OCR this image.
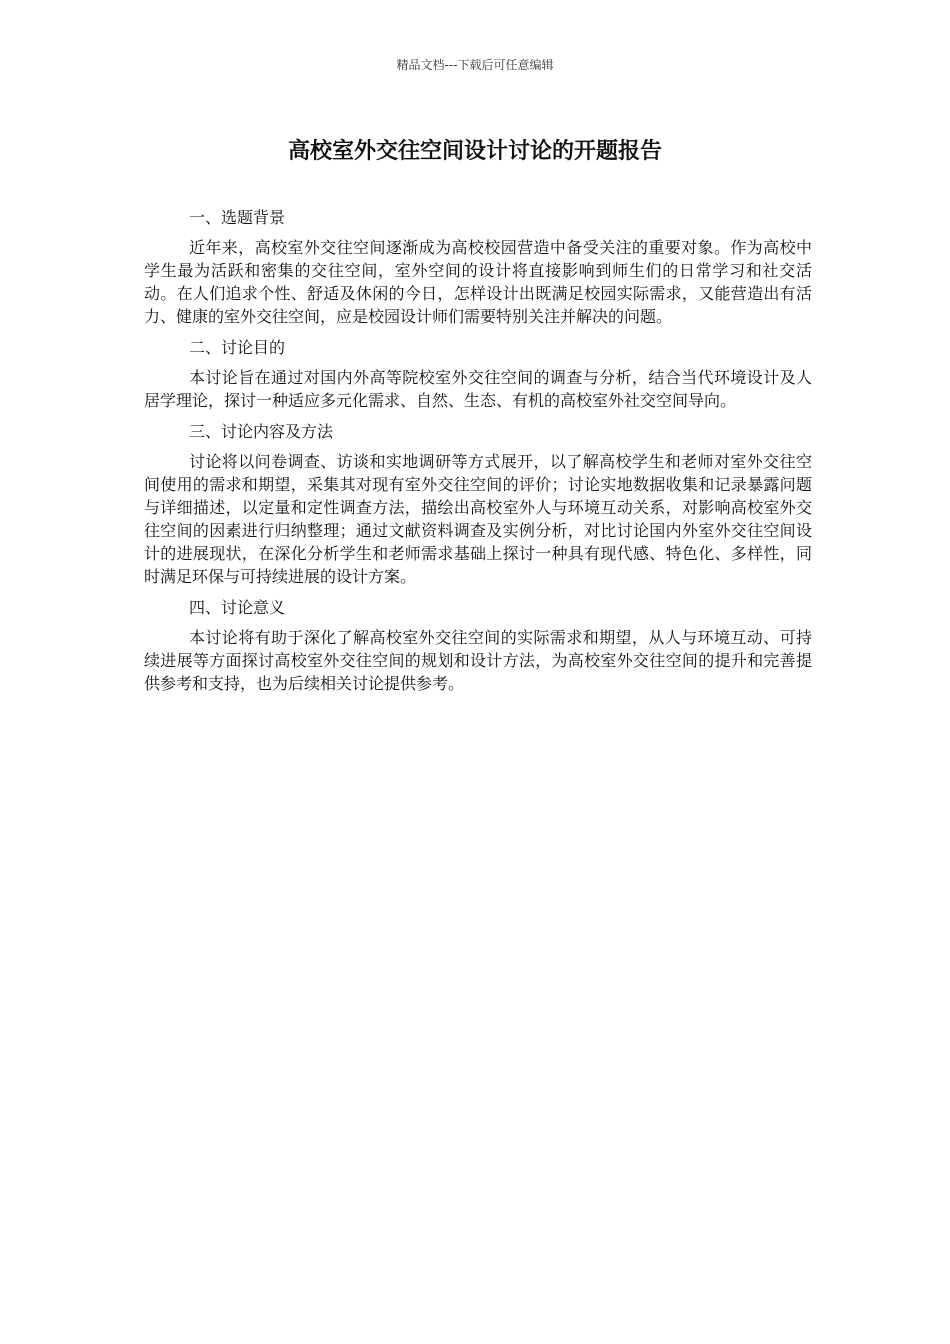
精品文档---下载后可任意编辑
高校室外交往空间设计讨论的开题报告
一、选题背景

近年来，高校室外交往空间逐渐成为高校校园营造中备受关注的重要对象。作为高校中学生最为活跃和密集的交往空间，室外空间的设计将直接影响到师生们的日常学习和社交活动。在人们追求个性、舒适及休闲的今日，怎样设计出既满足校园实际需求，又能营造出有活力、健康的室外交往空间，应是校园设计师们需要特别关注并解决的问题。

二、讨论目的

本讨论旨在通过对国内外高等院校室外交往空间的调查与分析，结合当代环境设计及人居学理论，探讨一种适应多元化需求、自然、生态、有机的高校室外社交空间导向。

三、讨论内容及方法

讨论将以问卷调查、访谈和实地调研等方式展开，以了解高校学生和老师对室外交往空间使用的需求和期望，采集其对现有室外交往空间的评价；讨论实地数据收集和记录暴露问题与详细描述，以定量和定性调查方法，描绘出高校室外人与环境互动关系，对影响高校室外交往空间的因素进行归纳整理；通过文献资料调查及实例分析，对比讨论国内外室外交往空间设计的进展现状，在深化分析学生和老师需求基础上探讨一种具有现代感、特色化、多样性，同时满足环保与可持续进展的设计方案。

四、讨论意义

本讨论将有助于深化了解高校室外交往空间的实际需求和期望，从人与环境互动、可持续进展等方面探讨高校室外交往空间的规划和设计方法，为高校室外交往空间的提升和完善提供参考和支持，也为后续相关讨论提供参考。
